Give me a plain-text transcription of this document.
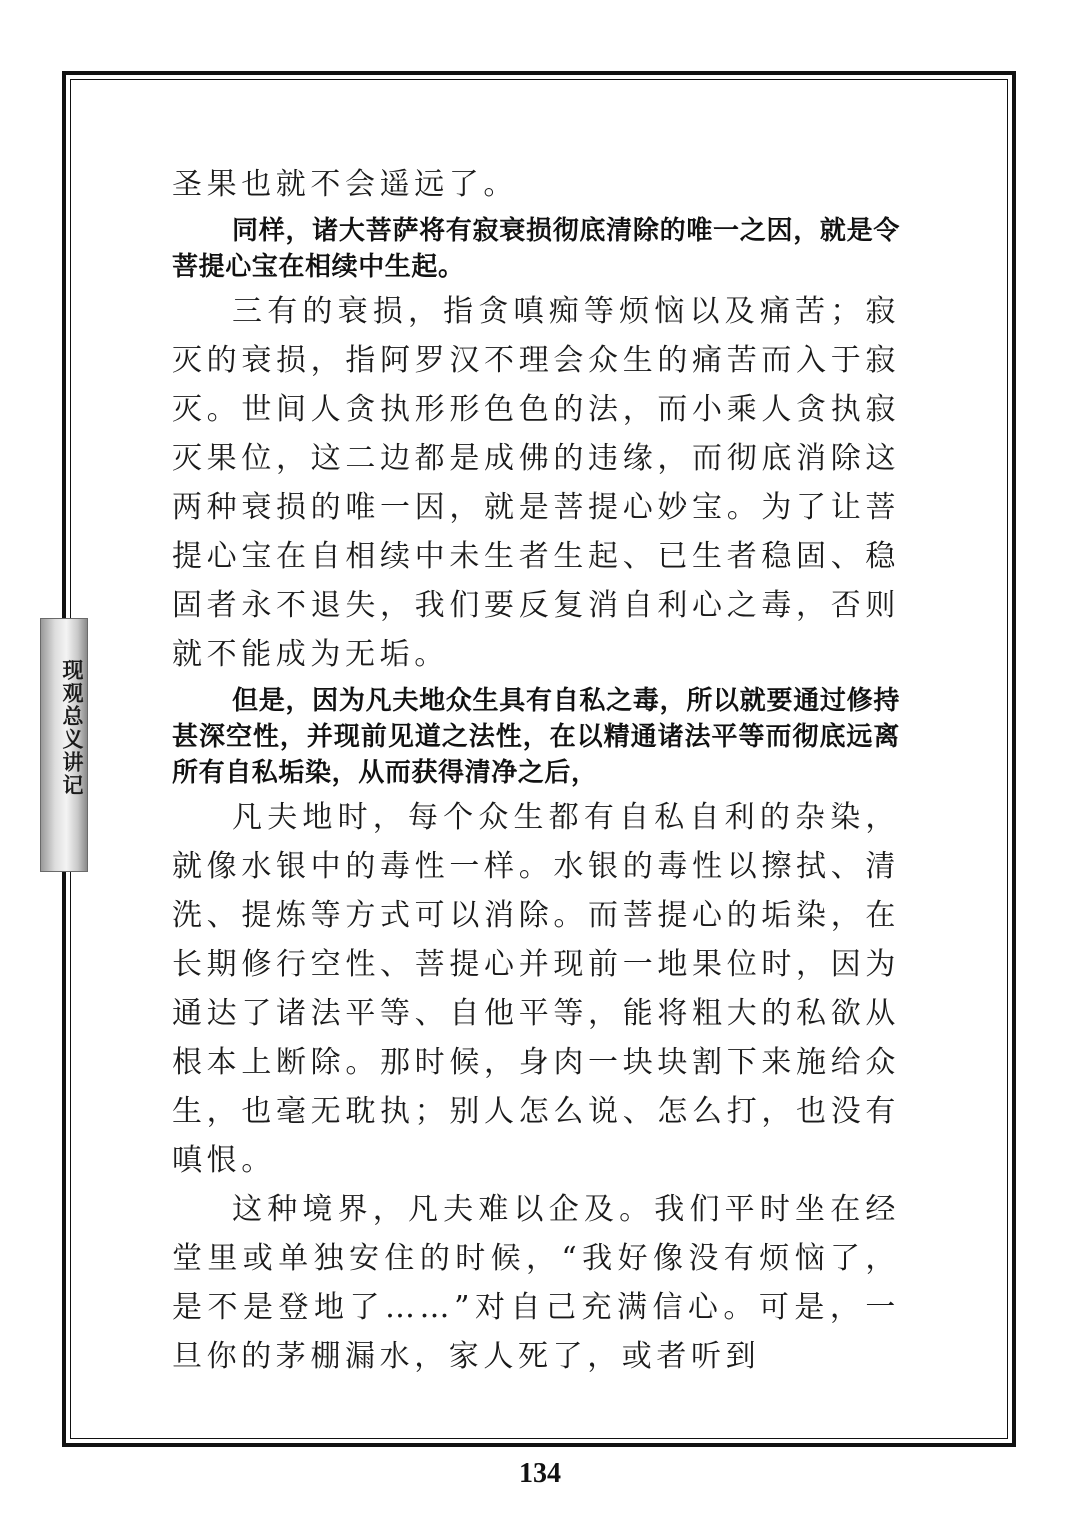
现观总义讲记

圣果也就不会遥远了。

同样，诸大菩萨将有寂衰损彻底清除的唯一之因，就是令菩提心宝在相续中生起。

三有的衰损，指贪嗔痴等烦恼以及痛苦；寂灭的衰损，指阿罗汉不理会众生的痛苦而入于寂灭。世间人贪执形形色色的法，而小乘人贪执寂灭果位，这二边都是成佛的违缘，而彻底消除这两种衰损的唯一因，就是菩提心妙宝。为了让菩提心宝在自相续中未生者生起、已生者稳固、稳固者永不退失，我们要反复消自利心之毒，否则就不能成为无垢。

但是，因为凡夫地众生具有自私之毒，所以就要通过修持甚深空性，并现前见道之法性，在以精通诸法平等而彻底远离所有自私垢染，从而获得清净之后，

凡夫地时，每个众生都有自私自利的杂染，就像水银中的毒性一样。水银的毒性以擦拭、清洗、提炼等方式可以消除。而菩提心的垢染，在长期修行空性、菩提心并现前一地果位时，因为通达了诸法平等、自他平等，能将粗大的私欲从根本上断除。那时候，身肉一块块割下来施给众生，也毫无耽执；别人怎么说、怎么打，也没有嗔恨。

这种境界，凡夫难以企及。我们平时坐在经堂里或单独安住的时候，“我好像没有烦恼了，是不是登地了……”对自己充满信心。可是，一旦你的茅棚漏水，家人死了，或者听到

134
